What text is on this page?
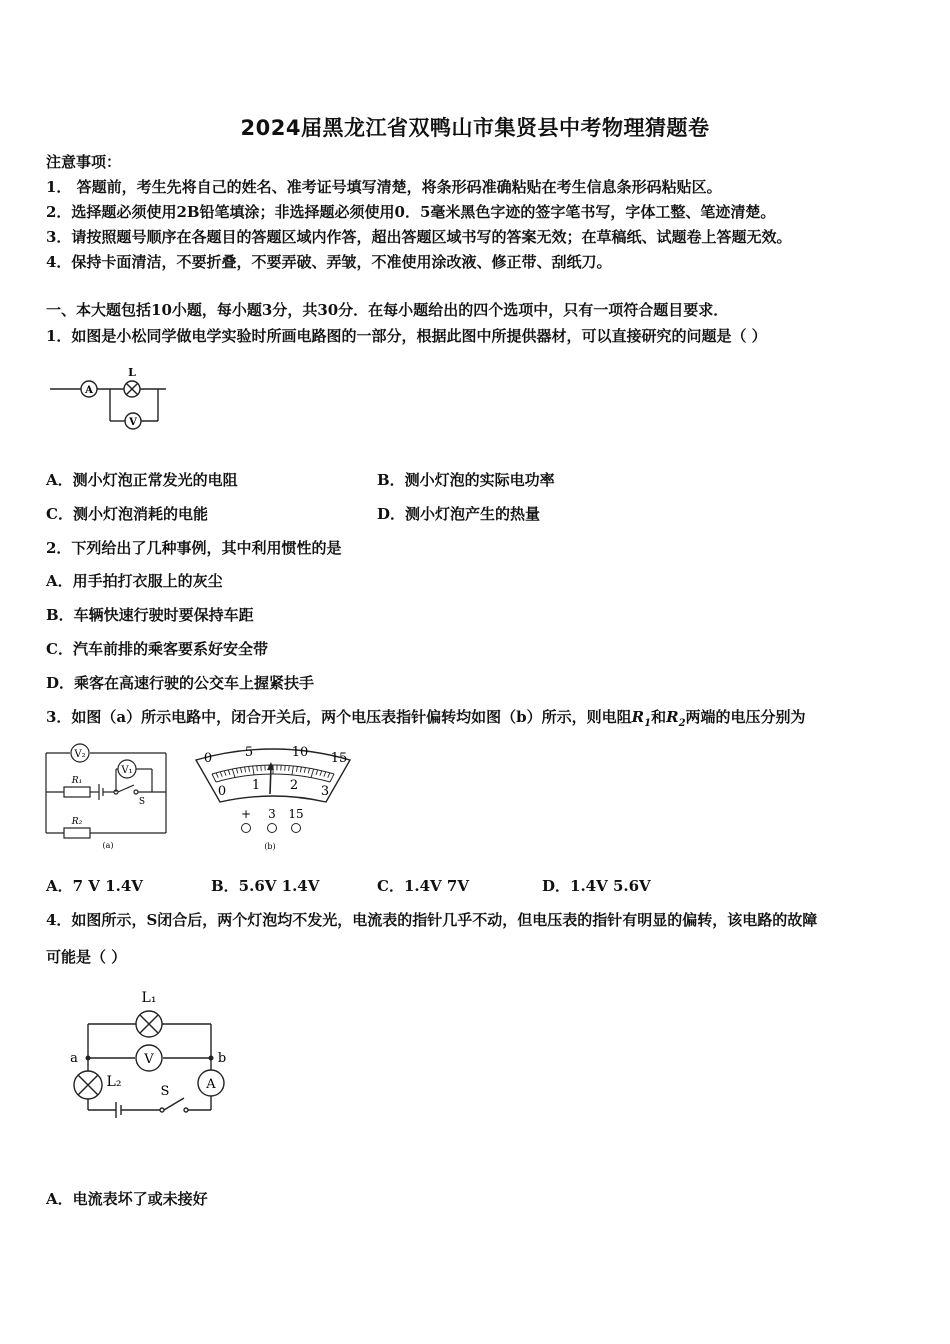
2024届黑龙江省双鸭山市集贤县中考物理猜题卷
注意事项：
1． 答题前，考生先将自己的姓名、准考证号填写清楚，将条形码准确粘贴在考生信息条形码粘贴区。
2．选择题必须使用2B铅笔填涂；非选择题必须使用0．5毫米黑色字迹的签字笔书写，字体工整、笔迹清楚。
3．请按照题号顺序在各题目的答题区域内作答，超出答题区域书写的答案无效；在草稿纸、试题卷上答题无效。
4．保持卡面清洁，不要折叠，不要弄破、弄皱，不准使用涂改液、修正带、刮纸刀。
一、本大题包括10小题，每小题3分，共30分．在每小题给出的四个选项中，只有一项符合题目要求．
1．如图是小松同学做电学实验时所画电路图的一部分，根据此图中所提供器材，可以直接研究的问题是（ ）
A
L
V
A．测小灯泡正常发光的电阻	B．测小灯泡的实际电功率
C．测小灯泡消耗的电能	D．测小灯泡产生的热量
2．下列给出了几种事例，其中利用惯性的是
A．用手拍打衣服上的灰尘
B．车辆快速行驶时要保持车距
C．汽车前排的乘客要系好安全带
D．乘客在高速行驶的公交车上握紧扶手
3．如图（a）所示电路中，闭合开关后，两个电压表指针偏转均如图（b）所示，则电阻$R_1$和$R_2$两端的电压分别为
V₂
V₁
R₁
S
R₂
(a)
0	5	10 15
0 1 2 3
+ 3 15
(b)
A．7 V 1.4V	B．5.6V 1.4V	C．1.4V 7V	D．1.4V 5.6V
4．如图所示，S闭合后，两个灯泡均不发光，电流表的指针几乎不动，但电压表的指针有明显的偏转，该电路的故障
可能是（ ）
L₁
V
A
L₂
S
a	b
A．电流表坏了或未接好
